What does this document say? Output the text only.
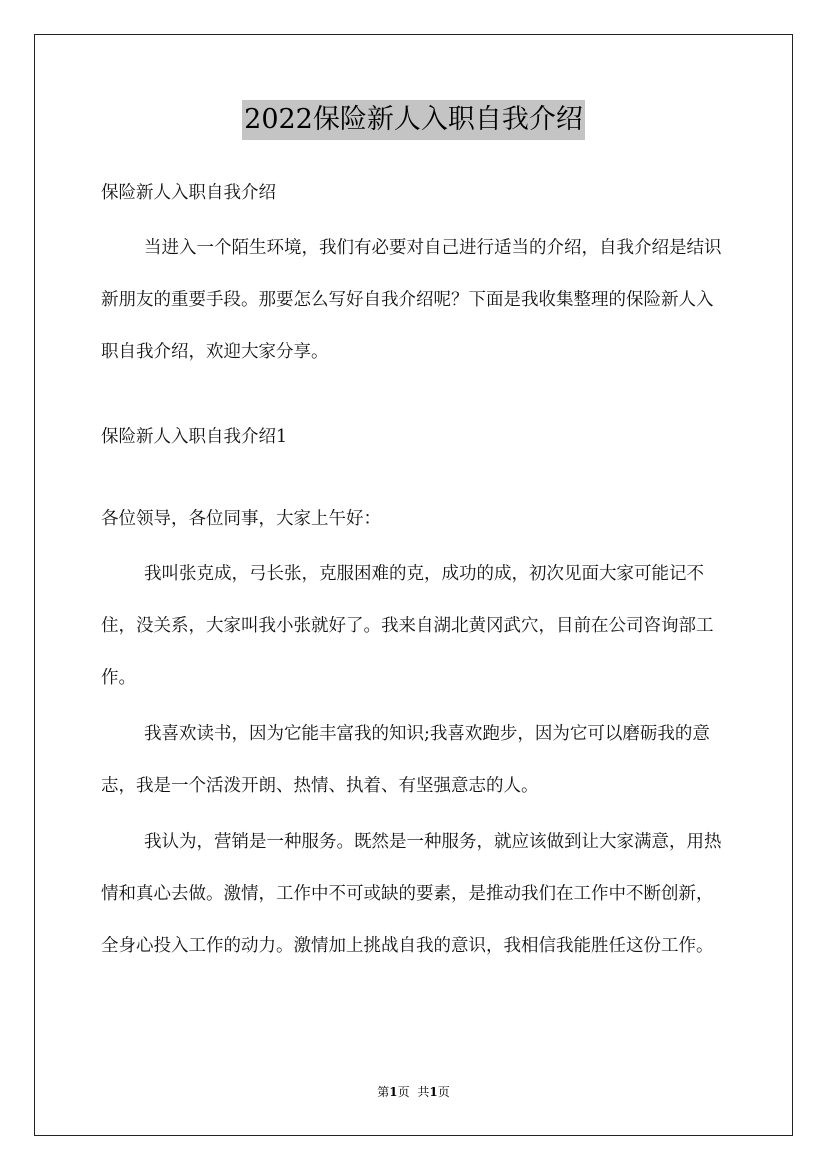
2022保险新人入职自我介绍

保险新人入职自我介绍

当进入一个陌生环境，我们有必要对自己进行适当的介绍，自我介绍是结识新朋友的重要手段。那要怎么写好自我介绍呢？下面是我收集整理的保险新人入职自我介绍，欢迎大家分享。

保险新人入职自我介绍1

各位领导，各位同事，大家上午好：

我叫张克成，弓长张，克服困难的克，成功的成，初次见面大家可能记不住，没关系，大家叫我小张就好了。我来自湖北黄冈武穴，目前在公司咨询部工作。

我喜欢读书，因为它能丰富我的知识;我喜欢跑步，因为它可以磨砺我的意志，我是一个活泼开朗、热情、执着、有坚强意志的人。

我认为，营销是一种服务。既然是一种服务，就应该做到让大家满意，用热情和真心去做。激情，工作中不可或缺的要素，是推动我们在工作中不断创新，全身心投入工作的动力。激情加上挑战自我的意识，我相信我能胜任这份工作。

第1页 共1页
